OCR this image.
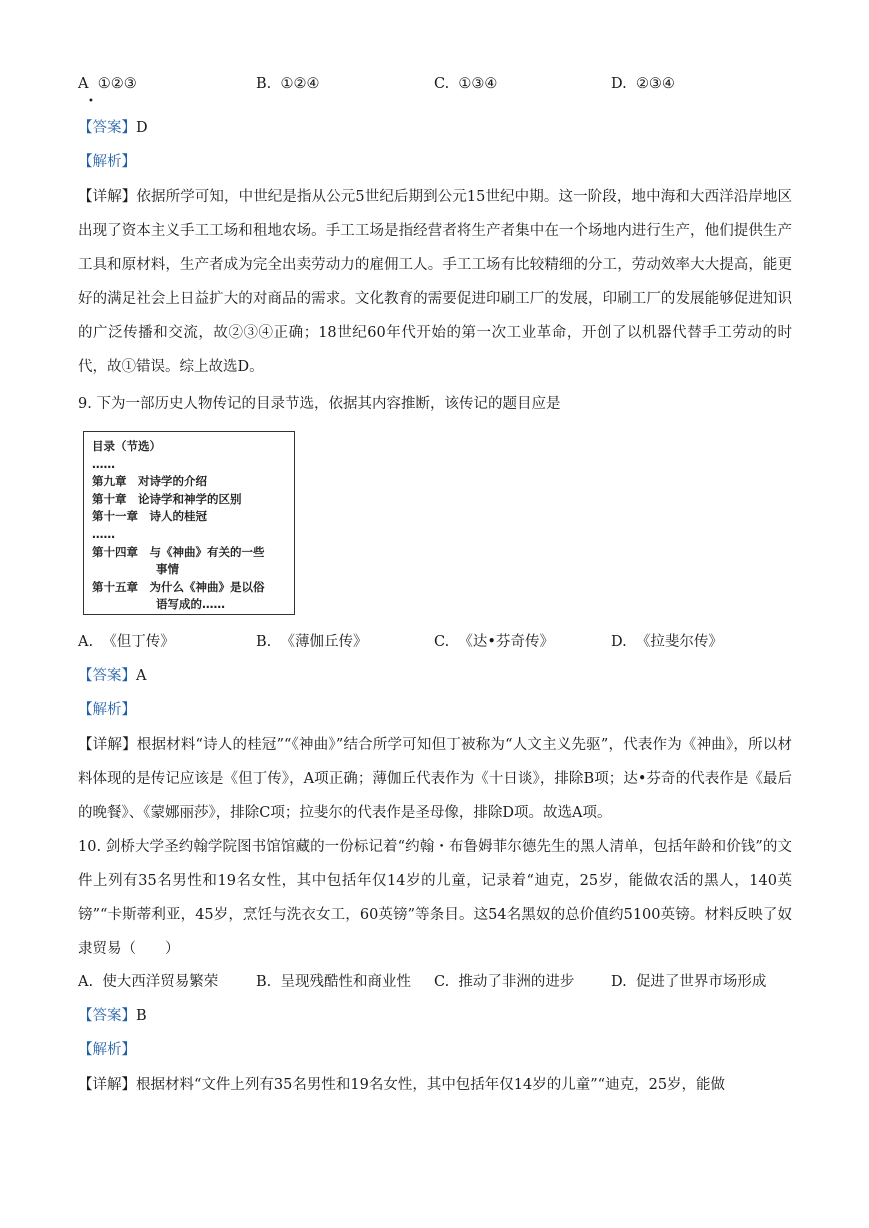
A ①②③	B. ①②④	C. ①③④	D. ②③④
•
【答案】D
【解析】
【详解】依据所学可知，中世纪是指从公元5世纪后期到公元15世纪中期。这一阶段，地中海和大西洋沿岸地区出现了资本主义手工工场和租地农场。手工工场是指经营者将生产者集中在一个场地内进行生产，他们提供生产工具和原材料，生产者成为完全出卖劳动力的雇佣工人。手工工场有比较精细的分工，劳动效率大大提高，能更好的满足社会上日益扩大的对商品的需求。文化教育的需要促进印刷工厂的发展，印刷工厂的发展能够促进知识的广泛传播和交流，故②③④正确；18世纪60年代开始的第一次工业革命，开创了以机器代替手工劳动的时代，故①错误。综上故选D。
9. 下为一部历史人物传记的目录节选，依据其内容推断，该传记的题目应是
目录（节选）
……
第九章　对诗学的介绍
第十章　论诗学和神学的区别
第十一章　诗人的桂冠
……
第十四章　与《神曲》有关的一些
事情
第十五章　为什么《神曲》是以俗
语写成的……
A. 《但丁传》	B. 《薄伽丘传》	C. 《达•芬奇传》	D. 《拉斐尔传》
【答案】A
【解析】
【详解】根据材料“诗人的桂冠”“《神曲》”结合所学可知但丁被称为“人文主义先驱”，代表作为《神曲》，所以材料体现的是传记应该是《但丁传》，A项正确；薄伽丘代表作为《十日谈》，排除B项；达•芬奇的代表作是《最后的晚餐》、《蒙娜丽莎》，排除C项；拉斐尔的代表作是圣母像，排除D项。故选A项。
10. 剑桥大学圣约翰学院图书馆馆藏的一份标记着“约翰・布鲁姆菲尔德先生的黑人清单，包括年龄和价钱”的文件上列有35名男性和19名女性，其中包括年仅14岁的儿童，记录着“迪克，25岁，能做农活的黑人，140英镑”“卡斯蒂利亚，45岁，烹饪与洗衣女工，60英镑”等条目。这54名黑奴的总价值约5100英镑。材料反映了奴隶贸易（　　）
A. 使大西洋贸易繁荣	B. 呈现残酷性和商业性 C. 推动了非洲的进步	D. 促进了世界市场形成
【答案】B
【解析】
【详解】根据材料“文件上列有35名男性和19名女性，其中包括年仅14岁的儿童”“迪克，25岁，能做
